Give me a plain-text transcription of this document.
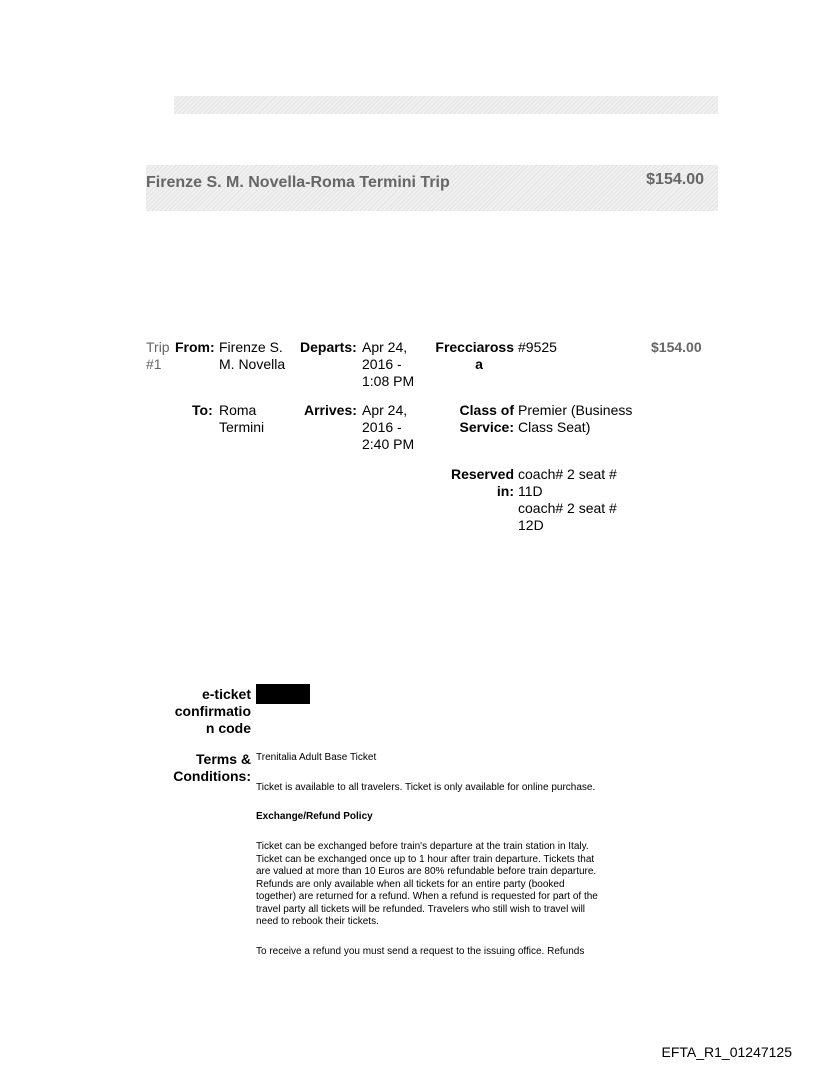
Firenze S. M. Novella-Roma Termini Trip	$154.00
Trip
#1
From: Firenze S.
M. Novella
Departs: Apr 24,
2016 -
1:08 PM
Frecciaross
a
#9525	$154.00
To: Roma
Termini
Arrives: Apr 24,
2016 -
2:40 PM
Class of
Service:
Premier (Business
Class Seat)
Reserved
in:
coach# 2 seat #
11D
coach# 2 seat #
12D
e-ticket
confirmatio
n code
Terms &
Conditions:
Trenitalia Adult Base Ticket
Ticket is available to all travelers. Ticket is only available for online purchase.
Exchange/Refund Policy
Ticket can be exchanged before train's departure at the train station in Italy.
Ticket can be exchanged once up to 1 hour after train departure. Tickets that
are valued at more than 10 Euros are 80% refundable before train departure.
Refunds are only available when all tickets for an entire party (booked
together) are returned for a refund. When a refund is requested for part of the
travel party all tickets will be refunded. Travelers who still wish to travel will
need to rebook their tickets.
To receive a refund you must send a request to the issuing office. Refunds
EFTA_R1_01247125
